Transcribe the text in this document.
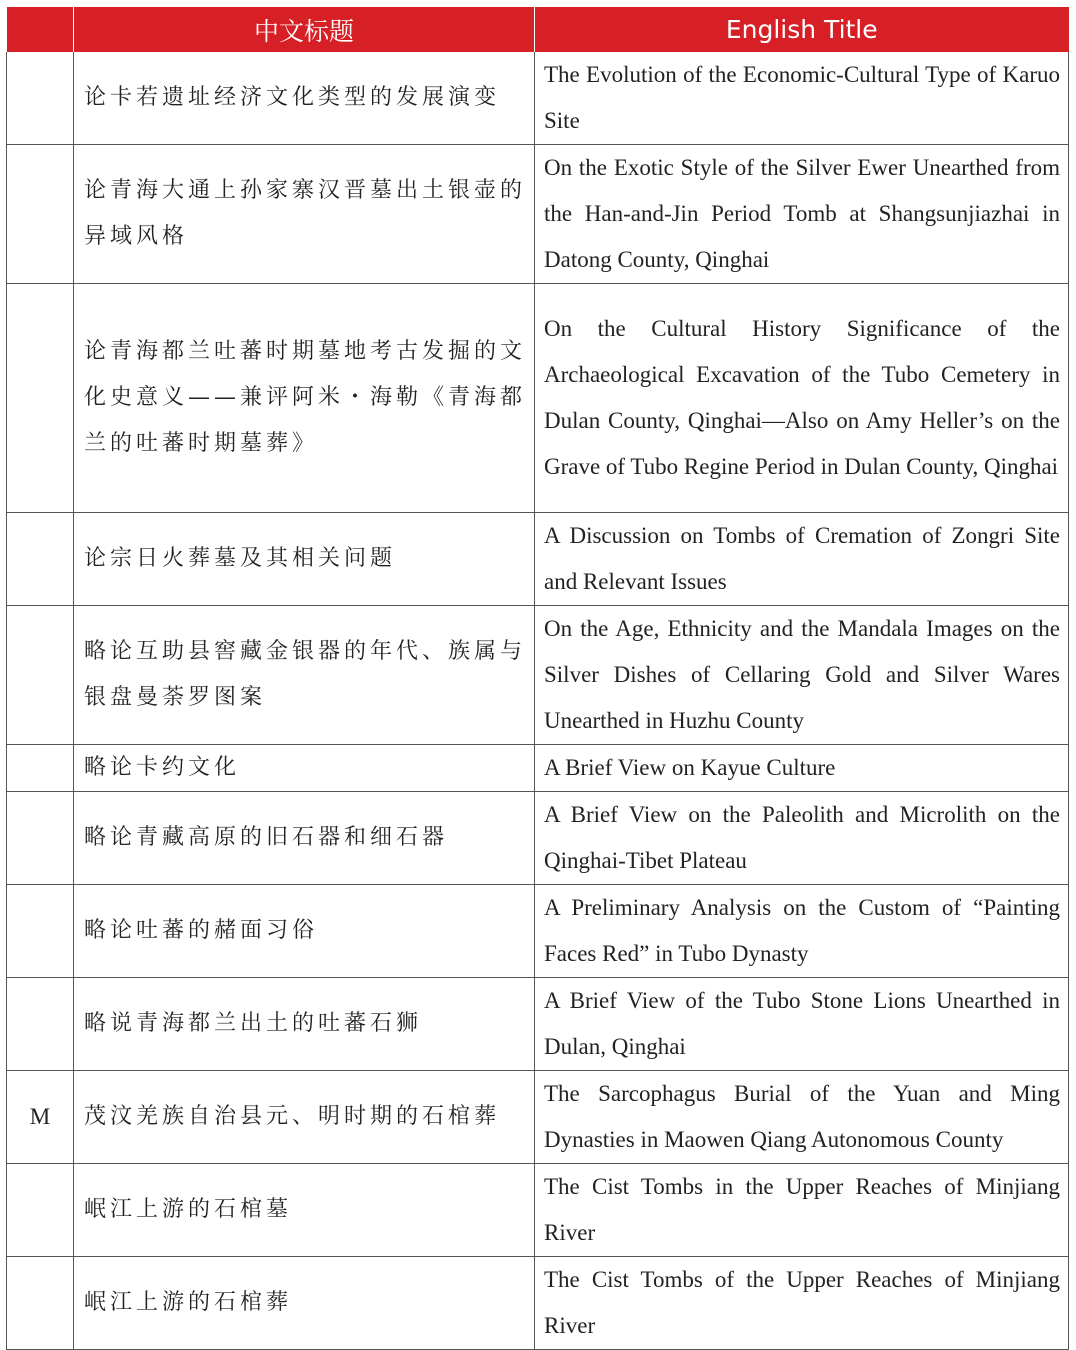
	中文标题	English Title
	论卡若遗址经济文化类型的发展演变	The Evolution of the Economic-Cultural Type of Karuo Site
	论青海大通上孙家寨汉晋墓出土银壶的异域风格	On the Exotic Style of the Silver Ewer Unearthed from the Han-and-Jin Period Tomb at Shangsunjiazhai in Datong County, Qinghai
	论青海都兰吐蕃时期墓地考古发掘的文化史意义——兼评阿米・海勒《青海都兰的吐蕃时期墓葬》	On the Cultural History Significance of the Archaeological Excavation of the Tubo Cemetery in Dulan County, Qinghai—Also on Amy Heller’s on the Grave of Tubo Regine Period in Dulan County, Qinghai
	论宗日火葬墓及其相关问题	A Discussion on Tombs of Cremation of Zongri Site and Relevant Issues
	略论互助县窖藏金银器的年代、族属与银盘曼荼罗图案	On the Age, Ethnicity and the Mandala Images on the Silver Dishes of Cellaring Gold and Silver Wares Unearthed in Huzhu County
	略论卡约文化	A Brief View on Kayue Culture
	略论青藏高原的旧石器和细石器	A Brief View on the Paleolith and Microlith on the Qinghai-Tibet Plateau
	略论吐蕃的赭面习俗	A Preliminary Analysis on the Custom of “Painting Faces Red” in Tubo Dynasty
	略说青海都兰出土的吐蕃石狮	A Brief View of the Tubo Stone Lions Unearthed in Dulan, Qinghai
M	茂汶羌族自治县元、明时期的石棺葬	The Sarcophagus Burial of the Yuan and Ming Dynasties in Maowen Qiang Autonomous County
	岷江上游的石棺墓	The Cist Tombs in the Upper Reaches of Minjiang River
	岷江上游的石棺葬	The Cist Tombs of the Upper Reaches of Minjiang River
